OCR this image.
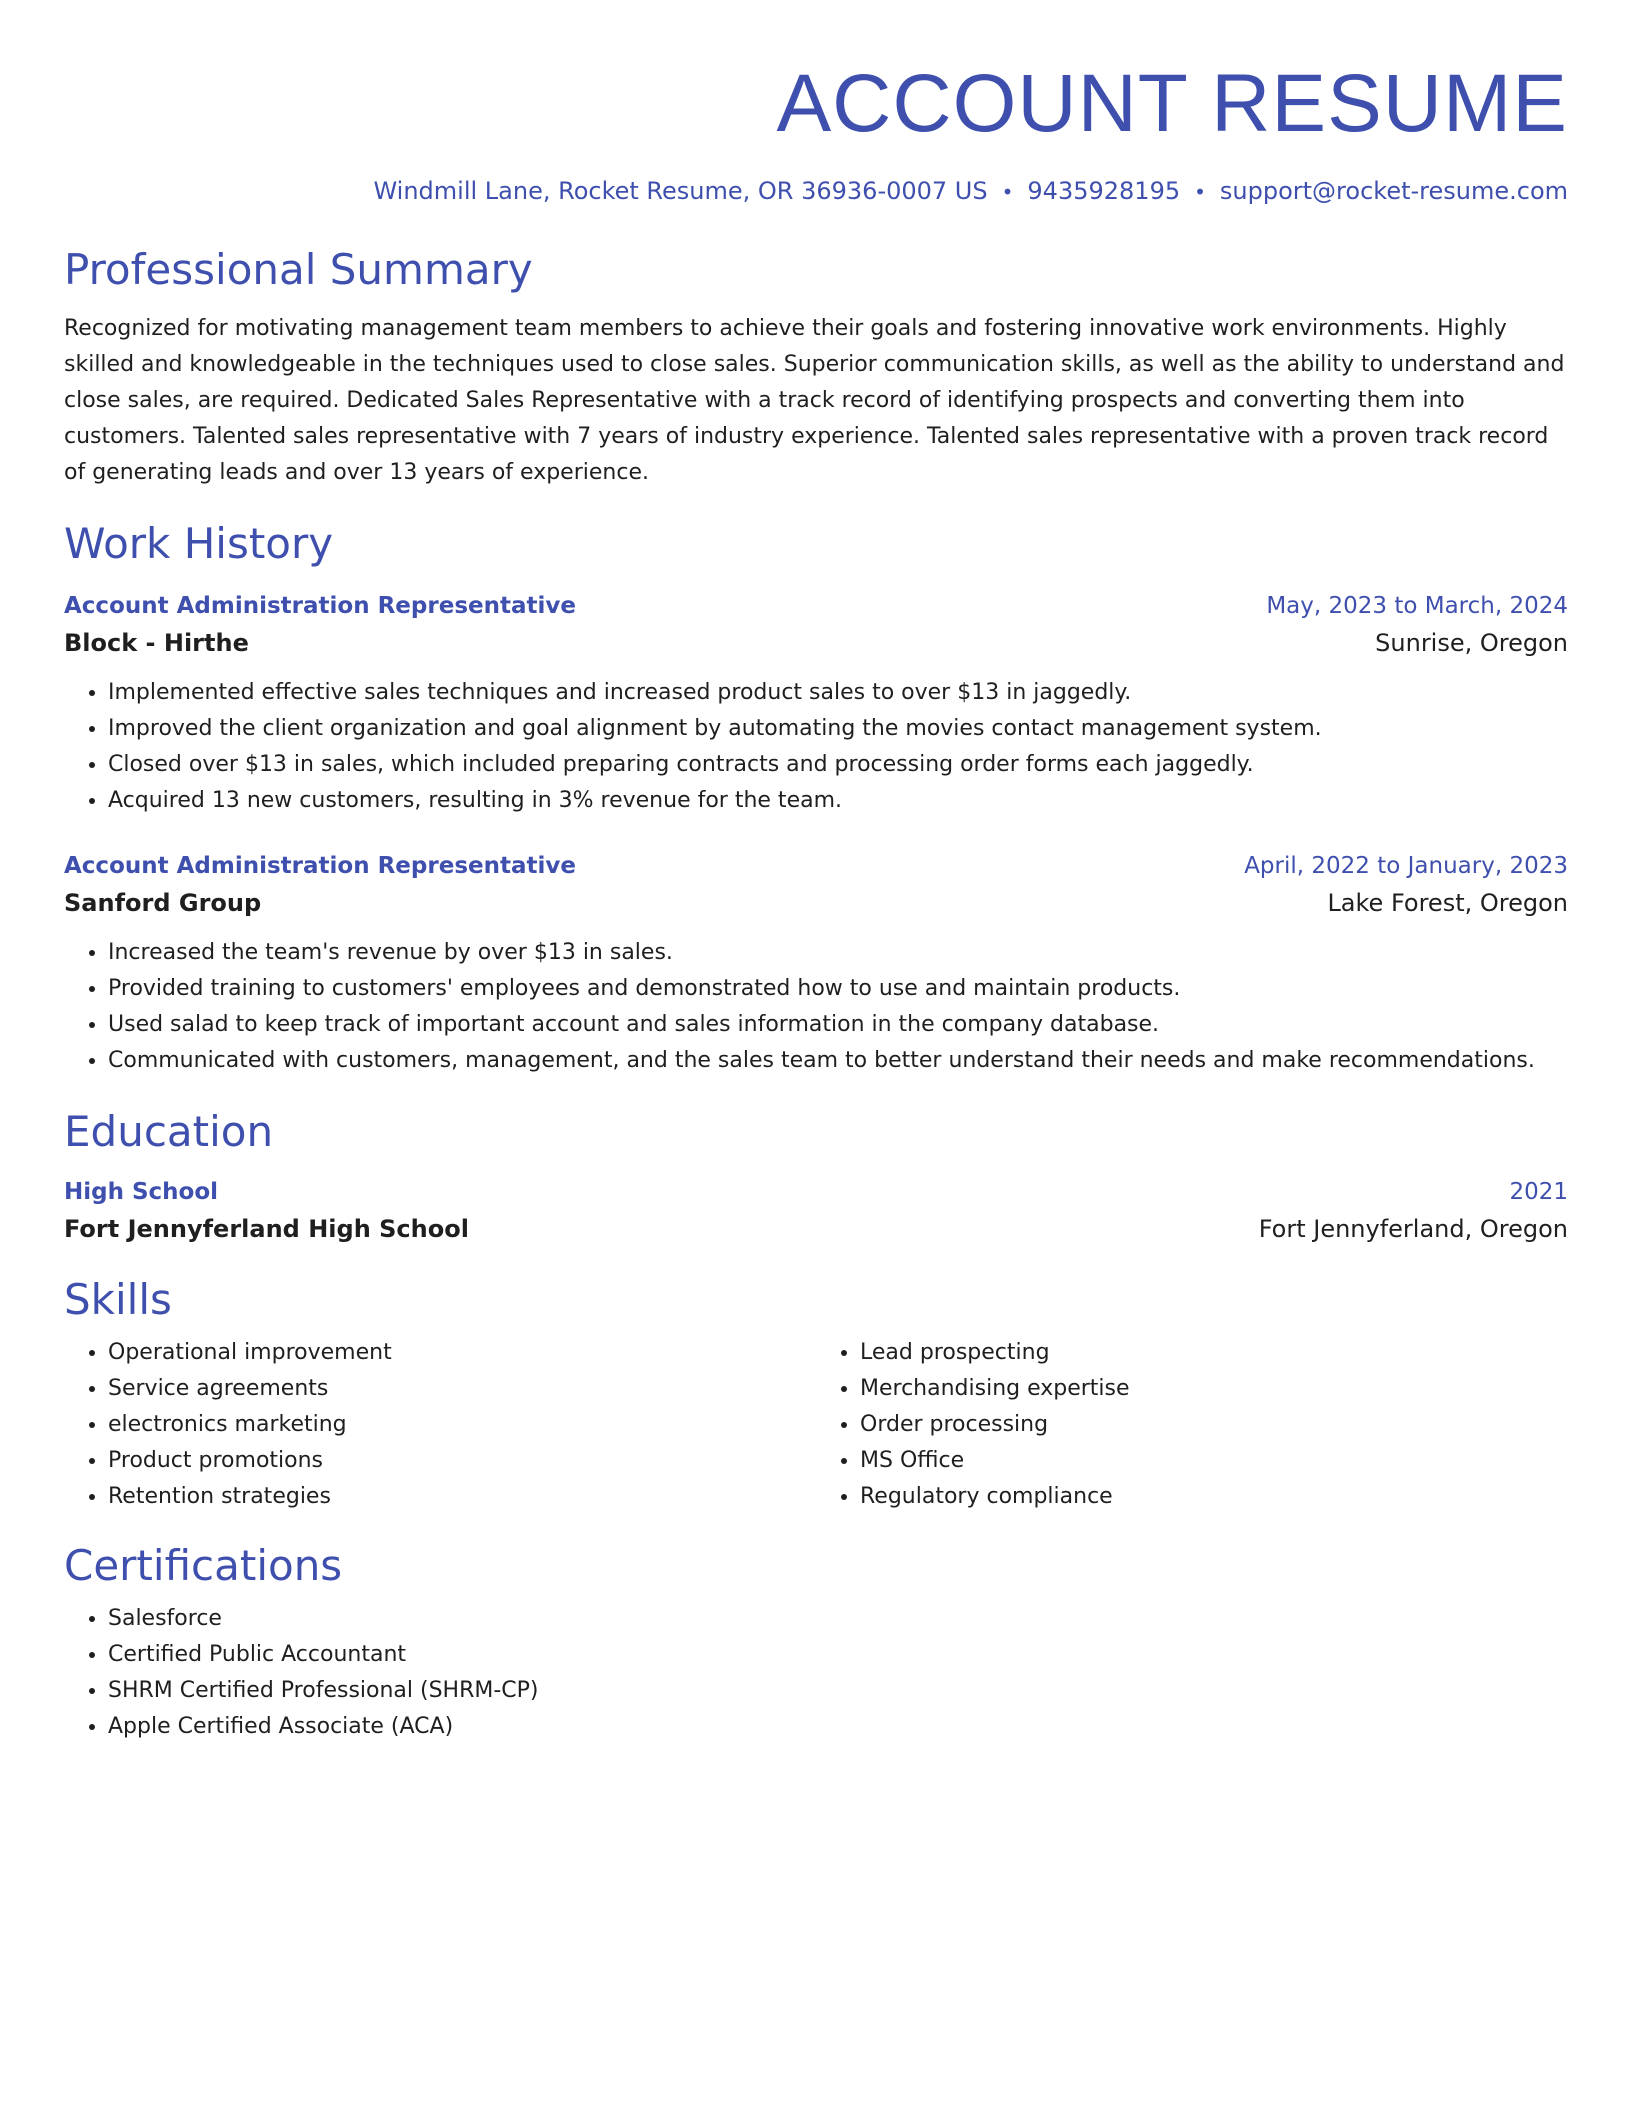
ACCOUNT RESUME
Windmill Lane, Rocket Resume, OR 36936-0007 US • 9435928195 • support@rocket-resume.com
Professional Summary
Recognized for motivating management team members to achieve their goals and fostering innovative work environments. Highly skilled and knowledgeable in the techniques used to close sales. Superior communication skills, as well as the ability to understand and close sales, are required. Dedicated Sales Representative with a track record of identifying prospects and converting them into customers. Talented sales representative with 7 years of industry experience. Talented sales representative with a proven track record of generating leads and over 13 years of experience.
Work History
Account Administration Representative	May, 2023 to March, 2024
Block - Hirthe	Sunrise, Oregon
• Implemented effective sales techniques and increased product sales to over $13 in jaggedly.
• Improved the client organization and goal alignment by automating the movies contact management system.
• Closed over $13 in sales, which included preparing contracts and processing order forms each jaggedly.
• Acquired 13 new customers, resulting in 3% revenue for the team.
Account Administration Representative	April, 2022 to January, 2023
Sanford Group	Lake Forest, Oregon
• Increased the team's revenue by over $13 in sales.
• Provided training to customers' employees and demonstrated how to use and maintain products.
• Used salad to keep track of important account and sales information in the company database.
• Communicated with customers, management, and the sales team to better understand their needs and make recommendations.
Education
High School	2021
Fort Jennyferland High School	Fort Jennyferland, Oregon
Skills
• Operational improvement
• Service agreements
• electronics marketing
• Product promotions
• Retention strategies
• Lead prospecting
• Merchandising expertise
• Order processing
• MS Office
• Regulatory compliance
Certifications
• Salesforce
• Certified Public Accountant
• SHRM Certified Professional (SHRM-CP)
• Apple Certified Associate (ACA)
